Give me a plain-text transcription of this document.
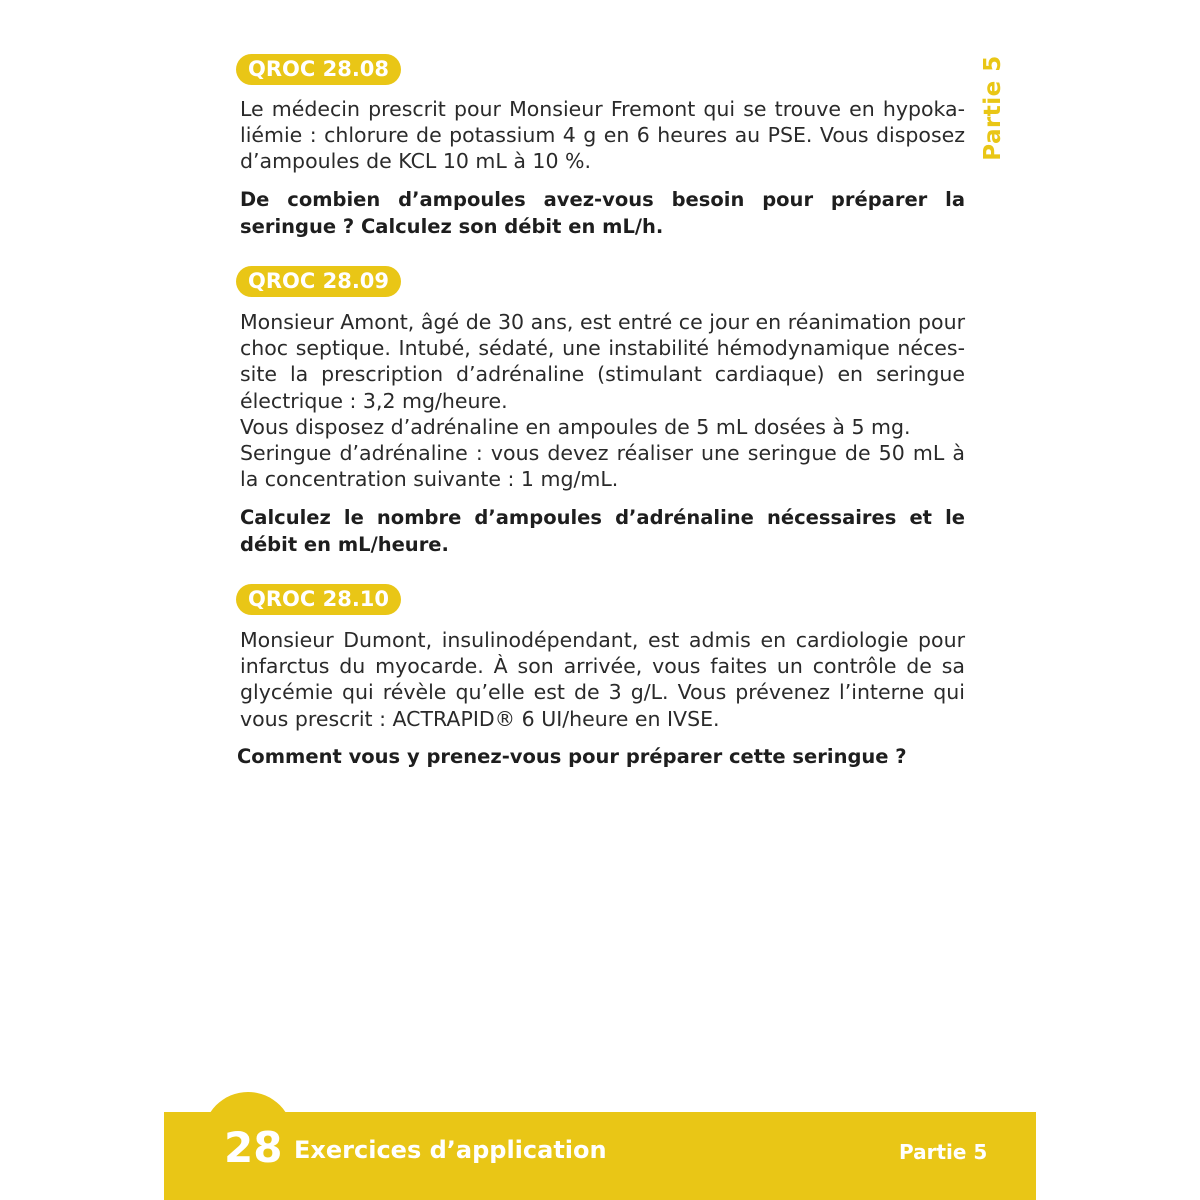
Partie 5
QROC 28.08

Le médecin prescrit pour Monsieur Fremont qui se trouve en hypoka-
liémie : chlorure de potassium 4 g en 6 heures au PSE. Vous disposez
d’ampoules de KCL 10 mL à 10 %.

De combien d’ampoules avez-vous besoin pour préparer la seringue ? Calculez son débit en mL/h.

QROC 28.09

Monsieur Amont, âgé de 30 ans, est entré ce jour en réanimation pour
choc septique. Intubé, sédaté, une instabilité hémodynamique néces-
site la prescription d’adrénaline (stimulant cardiaque) en seringue
électrique : 3,2 mg/heure.
Vous disposez d’adrénaline en ampoules de 5 mL dosées à 5 mg.
Seringue d’adrénaline : vous devez réaliser une seringue de 50 mL à
la concentration suivante : 1 mg/mL.

Calculez le nombre d’ampoules d’adrénaline nécessaires et le débit en mL/heure.

QROC 28.10

Monsieur Dumont, insulinodépendant, est admis en cardiologie pour
infarctus du myocarde. À son arrivée, vous faites un contrôle de sa
glycémie qui révèle qu’elle est de 3 g/L. Vous prévenez l’interne qui
vous prescrit : ACTRAPID® 6 UI/heure en IVSE.

Comment vous y prenez-vous pour préparer cette seringue ?

28 Exercices d’application	Partie 5
